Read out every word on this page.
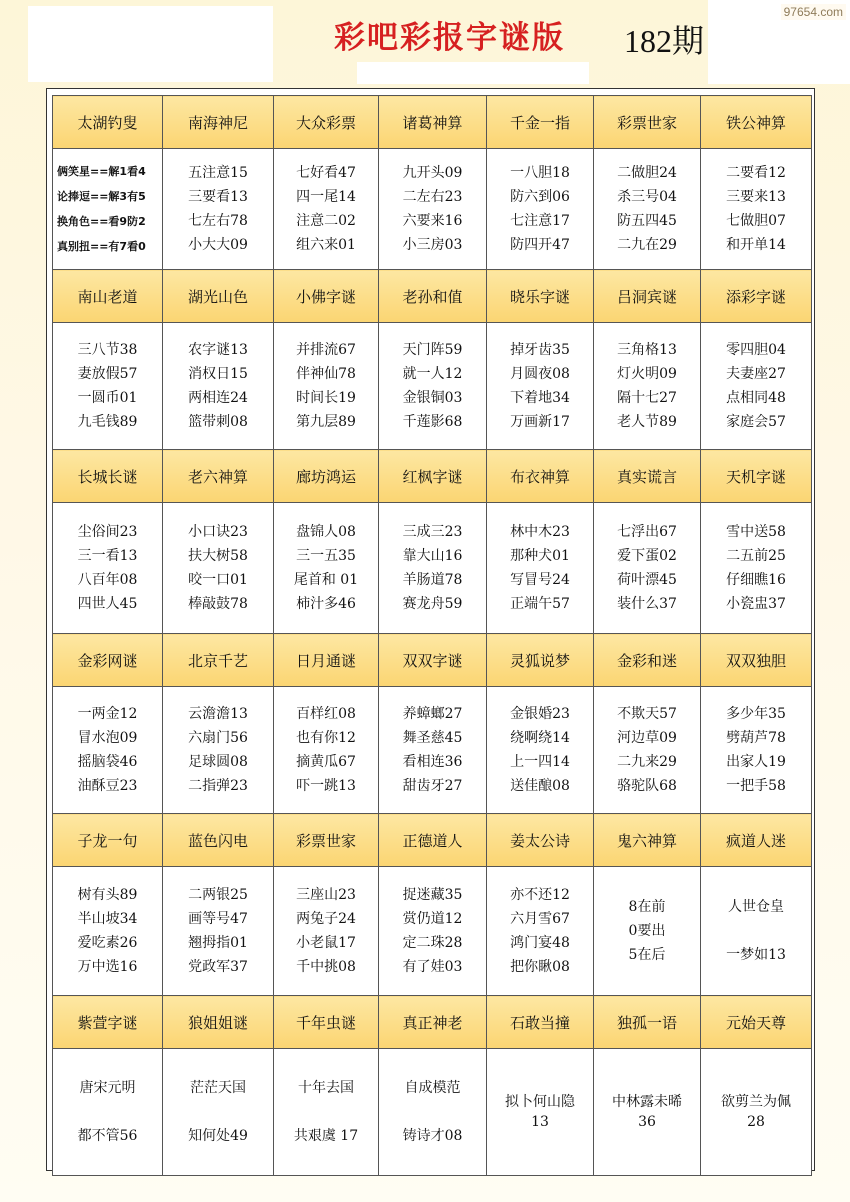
彩吧彩报字谜版 182期
97654.com
太湖钓叟	南海神尼	大众彩票	诸葛神算	千金一指	彩票世家	铁公神算

俩笑星==解1看4
论捧逗==解3有5
换角色==看9防2
真别扭==有7看0	五注意15
三要看13
七左右78
小大大09	七好看47
四一尾14
注意二02
组六来01	九开头09
二左右23
六要来16
小三房03	一八胆18
防六到06
七注意17
防四开47	二做胆24
杀三号04
防五四45
二九在29	二要看12
三要来13
七做胆07
和开单14

南山老道	湖光山色	小佛字谜	老孙和值	晓乐字谜	吕洞宾谜	添彩字谜

三八节38
妻放假57
一圆币01
九毛钱89	农字谜13
消权日15
两相连24
篮带刺08	并排流67
伴神仙78
时间长19
第九层89	天门阵59
就一人12
金银铜03
千莲影68	掉牙齿35
月圆夜08
下着地34
万画新17	三角格13
灯火明09
隔十七27
老人节89	零四胆04
夫妻座27
点相同48
家庭会57

长城长谜	老六神算	廊坊鸿运	红枫字谜	布衣神算	真实谎言	天机字谜

尘俗间23
三一看13
八百年08
四世人45	小口诀23
扶大树58
咬一口01
棒敲鼓78	盘锦人08
三一五35
尾首和 01
柿汁多46	三成三23
靠大山16
羊肠道78
赛龙舟59	林中木23
那种犬01
写冒号24
正端午57	七浮出67
爱下蛋02
荷叶漂45
装什么37	雪中送58
二五前25
仔细瞧16
小瓷盅37

金彩网谜	北京千艺	日月通谜	双双字谜	灵狐说梦	金彩和迷	双双独胆

一两金12
冒水泡09
摇脑袋46
油酥豆23	云澹澹13
六扇门56
足球圆08
二指弹23	百样红08
也有你12
摘黄瓜67
吓一跳13	养蟑螂27
舞圣慈45
看相连36
甜齿牙27	金银婚23
绕啊绕14
上一四14
送佳酿08	不欺天57
河边草09
二九来29
骆驼队68	多少年35
劈葫芦78
出家人19
一把手58

子龙一句	蓝色闪电	彩票世家	正德道人	姜太公诗	鬼六神算	疯道人迷

树有头89
半山坡34
爱吃素26
万中选16	二两银25
画等号47
翘拇指01
党政军37	三座山23
两兔子24
小老鼠17
千中挑08	捉迷藏35
赏仍道12
定二珠28
有了娃03	亦不还12
六月雪67
鸿门宴48
把你瞅08	8在前
0要出
5在后	人世仓皇
一梦如13

紫萱字谜	狼姐姐谜	千年虫谜	真正神老	石敢当撞	独孤一语	元始天尊

唐宋元明
都不管56	茫茫天国
知何处49	十年去国
共艰虞 17	自成模范
铸诗才08	拟卜何山隐
13	中林露未晞
36	欲剪兰为佩
28
